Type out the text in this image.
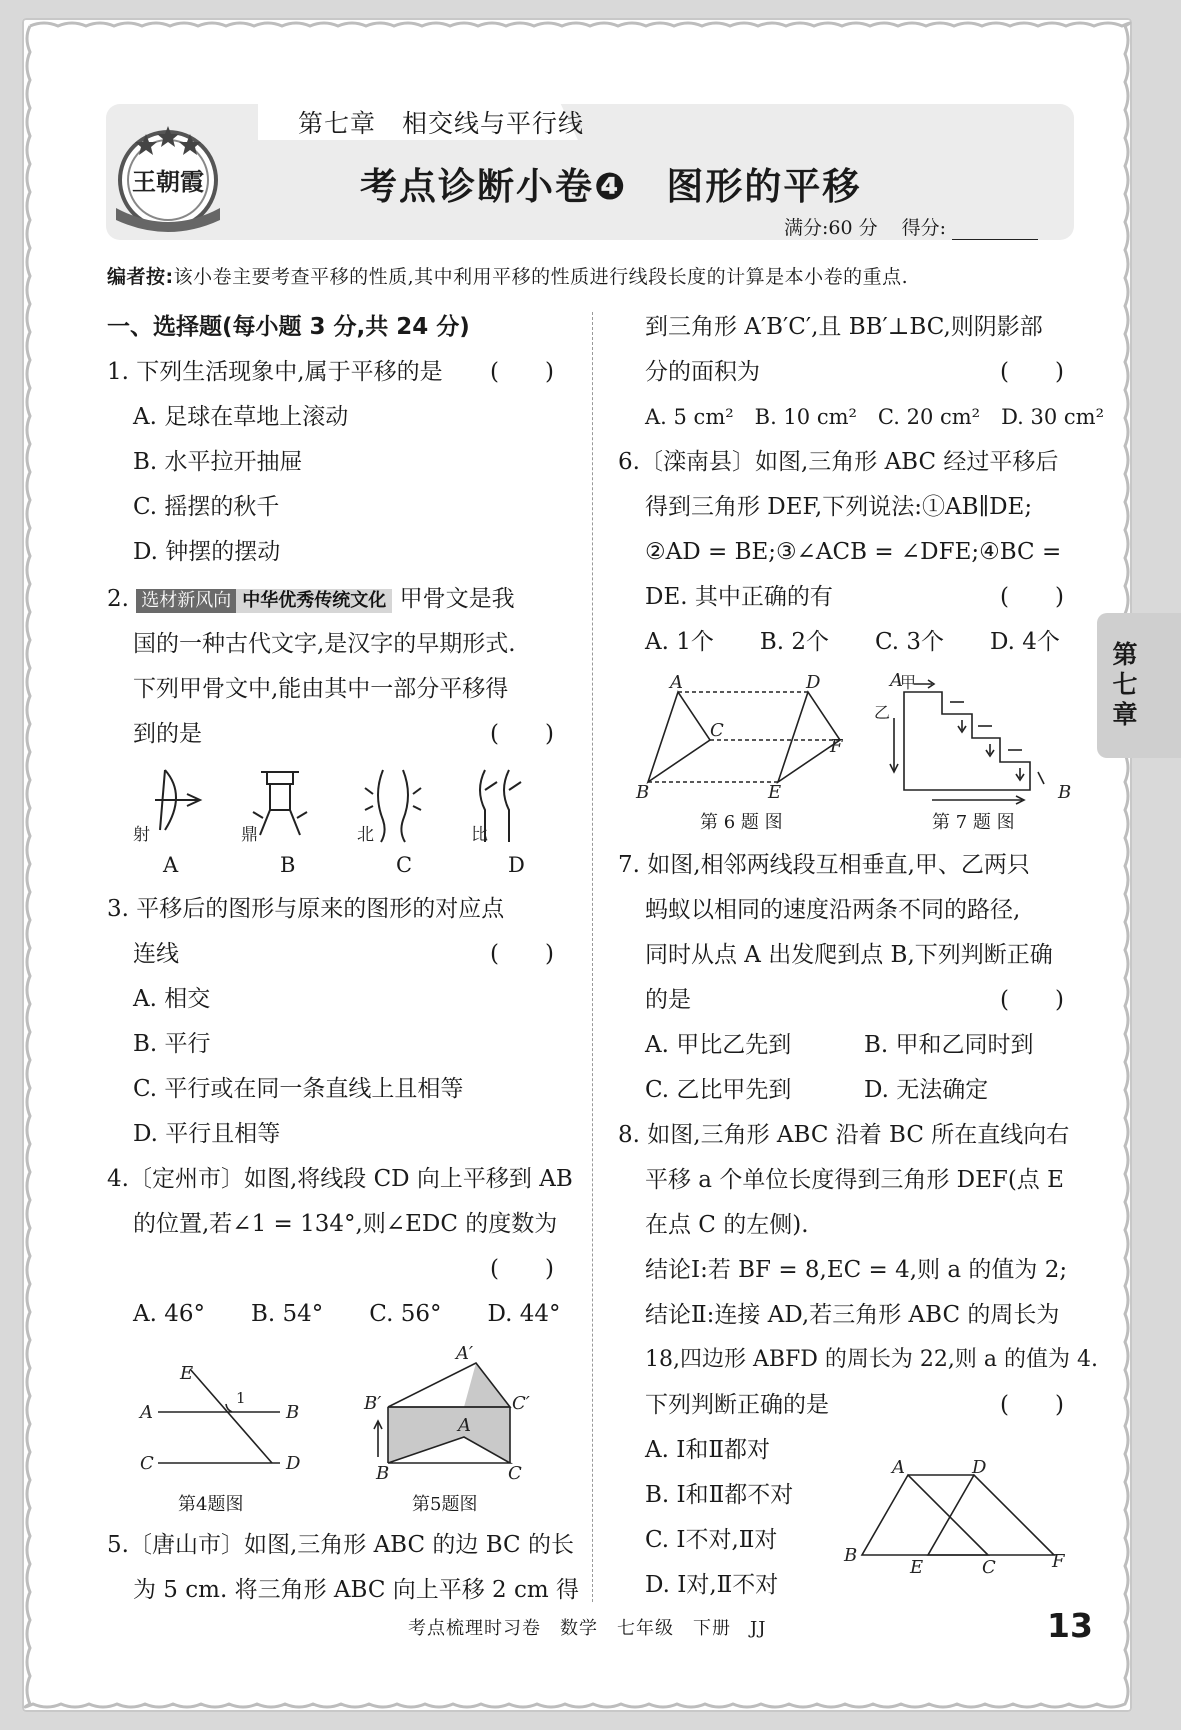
第七章　相交线与平行线
考点诊断小卷❹　图形的平移
满分:60 分 得分:
王朝霞
编者按:该小卷主要考查平移的性质,其中利用平移的性质进行线段长度的计算是本小卷的重点.
一、选择题(每小题 3 分,共 24 分)
1. 下列生活现象中,属于平移的是 (　　)
A. 足球在草地上滚动
B. 水平拉开抽屉
C. 摇摆的秋千
D. 钟摆的摆动
2. 选材新风向 中华优秀传统文化 甲骨文是我
国的一种古代文字,是汉字的早期形式.
下列甲骨文中,能由其中一部分平移得
到的是	(　　)
射	鼎	北	比
A	B	C	D
3. 平移后的图形与原来的图形的对应点
连线	(　　)
A. 相交
B. 平行
C. 平行或在同一条直线上且相等
D. 平行且相等
4.〔定州市〕如图,将线段 CD 向上平移到 AB
的位置,若∠1 = 134°,则∠EDC 的度数为
(　　)
A. 46°　　B. 54°　　C. 56°　　D. 44°
E
1
A	B
C	D
第4题图
A′
B′	C′
A
B	C
第5题图
5.〔唐山市〕如图,三角形 ABC 的边 BC 的长
为 5 cm. 将三角形 ABC 向上平移 2 cm 得
到三角形 A′B′C′,且 BB′⊥BC,则阴影部
分的面积为	(　　)
A. 5 cm²　B. 10 cm²　C. 20 cm²　D. 30 cm²
6.〔滦南县〕如图,三角形 ABC 经过平移后
得到三角形 DEF,下列说法:①AB∥DE;
②AD = BE;③∠ACB = ∠DFE;④BC =
DE. 其中正确的有	(　　)
A. 1个　　B. 2个　　C. 3个　　D. 4个
A	D
C
F
B	E
第 6 题 图
甲
乙
A
B
第 7 题 图
7. 如图,相邻两线段互相垂直,甲、乙两只
蚂蚁以相同的速度沿两条不同的路径,
同时从点 A 出发爬到点 B,下列判断正确
的是	(　　)
A. 甲比乙先到	B. 甲和乙同时到
C. 乙比甲先到	D. 无法确定
8. 如图,三角形 ABC 沿着 BC 所在直线向右
平移 a 个单位长度得到三角形 DEF(点 E
在点 C 的左侧).
结论Ⅰ:若 BF = 8,EC = 4,则 a 的值为 2;
结论Ⅱ:连接 AD,若三角形 ABC 的周长为
18,四边形 ABFD 的周长为 22,则 a 的值为 4.
下列判断正确的是	(　　)
A. Ⅰ和Ⅱ都对
B. Ⅰ和Ⅱ都不对
C. Ⅰ不对,Ⅱ对
D. Ⅰ对,Ⅱ不对
A	D
B
E	C	F
第七章
考点梳理时习卷　数学　七年级　下册　JJ	13
